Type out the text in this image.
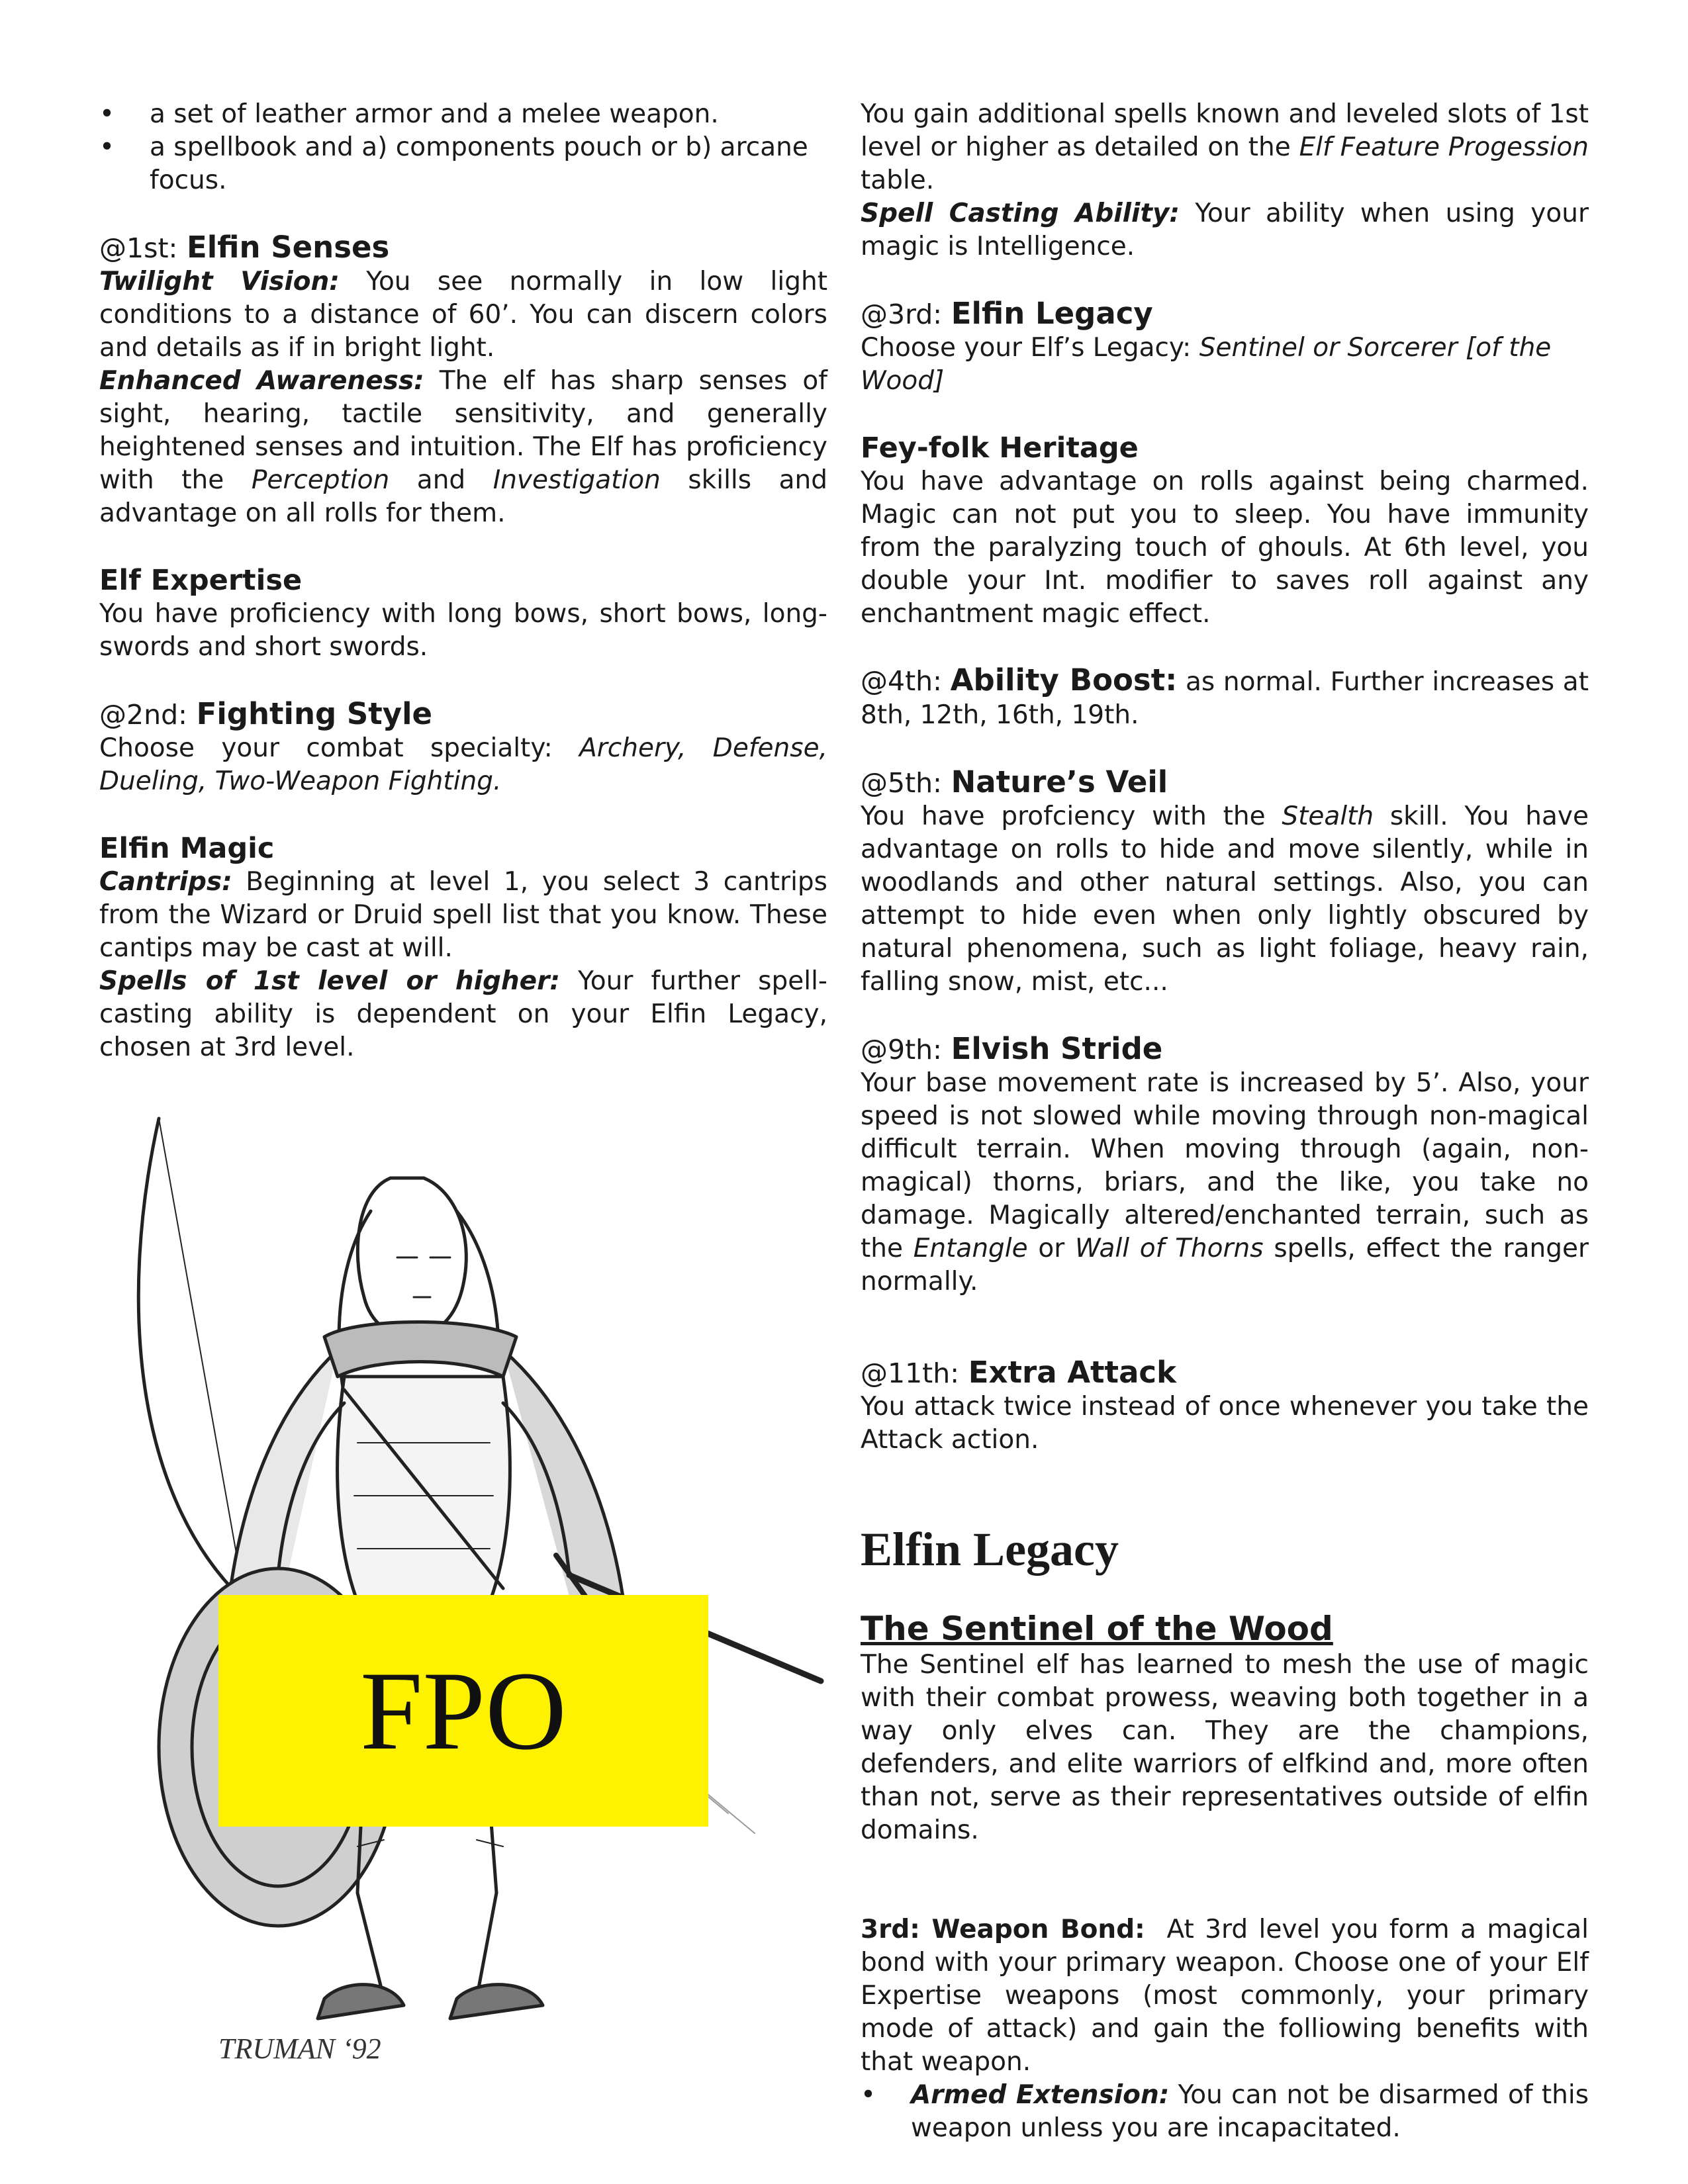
• a set of leather armor and a melee weapon.
• a spellbook and a) components pouch or b) arcane focus.

@1st: Elfin Senses

Twilight Vision: You see normally in low light conditions to a distance of 60’. You can discern colors and details as if in bright light.

Enhanced Awareness: The elf has sharp senses of sight, hearing, tactile sensitivity, and generally heightened senses and intuition. The Elf has proficiency with the Perception and Investigation skills and advantage on all rolls for them.

Elf Expertise

You have proficiency with long bows, short bows, long-swords and short swords.

@2nd: Fighting Style

Choose your combat specialty: Archery, Defense, Dueling, Two-Weapon Fighting.

Elfin Magic

Cantrips: Beginning at level 1, you select 3 cantrips from the Wizard or Druid spell list that you know. These cantips may be cast at will.

Spells of 1st level or higher: Your further spell-casting ability is dependent on your Elfin Legacy, chosen at 3rd level.

TRUMAN ‘92
FPO

You gain additional spells known and leveled slots of 1st level or higher as detailed on the Elf Feature Progession table.

Spell Casting Ability: Your ability when using your magic is Intelligence.

@3rd: Elfin Legacy

Choose your Elf’s Legacy: Sentinel or Sorcerer [of the Wood]

Fey-folk Heritage

You have advantage on rolls against being charmed. Magic can not put you to sleep. You have immunity from the paralyzing touch of ghouls. At 6th level, you double your Int. modifier to saves roll against any enchantment magic effect.

@4th: Ability Boost: as normal. Further increases at 8th, 12th, 16th, 19th.

@5th: Nature’s Veil

You have profciency with the Stealth skill. You have advantage on rolls to hide and move silently, while in woodlands and other natural settings. Also, you can attempt to hide even when only lightly obscured by natural phenomena, such as light foliage, heavy rain, falling snow, mist, etc...

@9th: Elvish Stride

Your base movement rate is increased by 5’. Also, your speed is not slowed while moving through non-magical difficult terrain. When moving through (again, non-magical) thorns, briars, and the like, you take no damage. Magically altered/enchanted terrain, such as the Entangle or Wall of Thorns spells, effect the ranger normally.

@11th: Extra Attack

You attack twice instead of once whenever you take the Attack action.

Elfin Legacy

The Sentinel of the Wood

The Sentinel elf has learned to mesh the use of magic with their combat prowess, weaving both together in a way only elves can. They are the champions, defenders, and elite warriors of elfkind and, more often than not, serve as their representatives outside of elfin domains.

3rd: Weapon Bond: At 3rd level you form a magical bond with your primary weapon. Choose one of your Elf Expertise weapons (most commonly, your primary mode of attack) and gain the folliowing benefits with that weapon.

• Armed Extension: You can not be disarmed of this weapon unless you are incapacitated.
